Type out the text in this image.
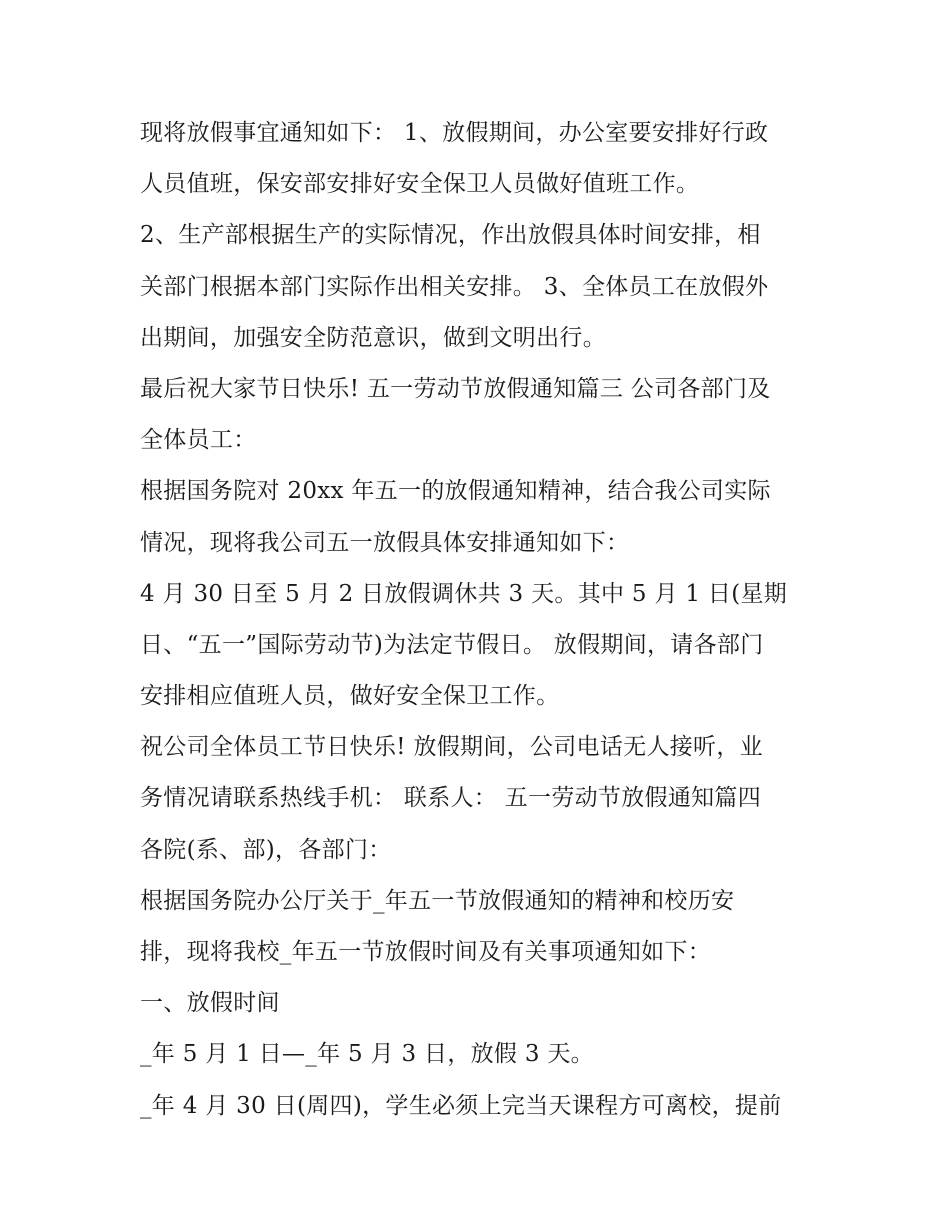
现将放假事宜通知如下： 1、放假期间，办公室要安排好行政
人员值班，保安部安排好安全保卫人员做好值班工作。
2、生产部根据生产的实际情况，作出放假具体时间安排，相
关部门根据本部门实际作出相关安排。 3、全体员工在放假外
出期间，加强安全防范意识，做到文明出行。
最后祝大家节日快乐! 五一劳动节放假通知篇三 公司各部门及
全体员工：
根据国务院对 20xx 年五一的放假通知精神，结合我公司实际
情况，现将我公司五一放假具体安排通知如下：
4 月 30 日至 5 月 2 日放假调休共 3 天。其中 5 月 1 日(星期
日、“五一”国际劳动节)为法定节假日。 放假期间，请各部门
安排相应值班人员，做好安全保卫工作。
祝公司全体员工节日快乐! 放假期间，公司电话无人接听，业
务情况请联系热线手机： 联系人： 五一劳动节放假通知篇四
各院(系、部)，各部门：
根据国务院办公厅关于_年五一节放假通知的精神和校历安
排，现将我校_年五一节放假时间及有关事项通知如下：
一、放假时间
_年 5 月 1 日—_年 5 月 3 日，放假 3 天。
_年 4 月 30 日(周四)，学生必须上完当天课程方可离校，提前
